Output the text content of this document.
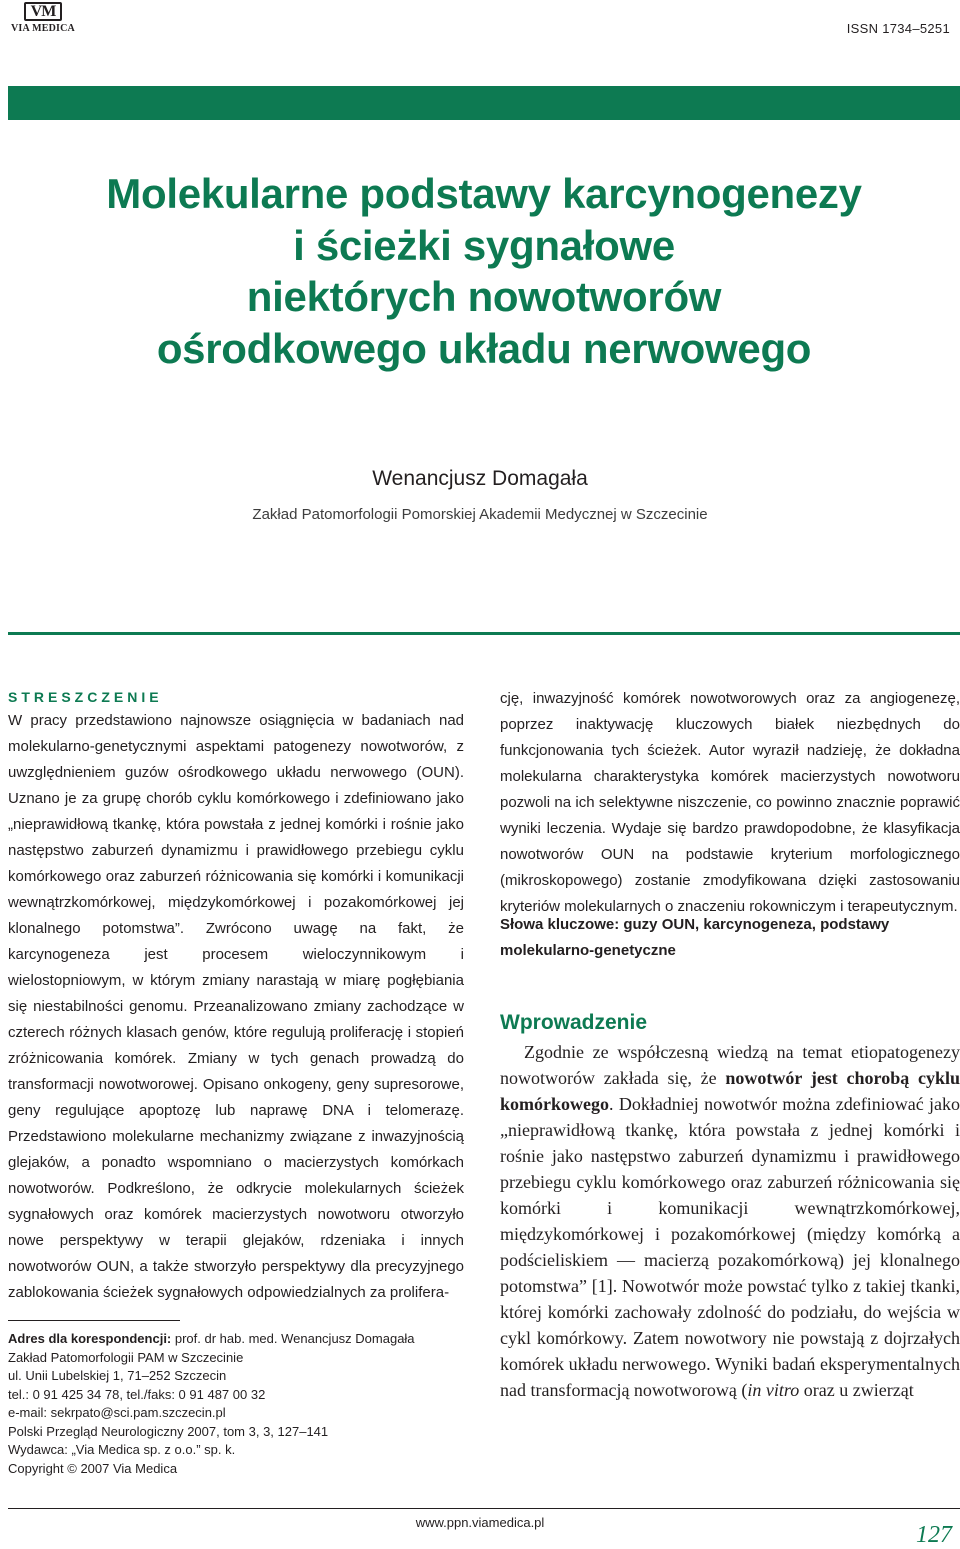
VM
VIA MEDICA	ISSN 1734–5251
Molekularne podstawy karcynogenezy
i ścieżki sygnałowe
niektórych nowotworów
ośrodkowego układu nerwowego
Wenancjusz Domagała
Zakład Patomorfologii Pomorskiej Akademii Medycznej w Szczecinie
STRESZCZENIE
W pracy przedstawiono najnowsze osiągnięcia w badaniach nad molekularno-genetycznymi aspektami patogenezy nowotworów, z uwzględnieniem guzów ośrodkowego układu nerwowego (OUN). Uznano je za grupę chorób cyklu komórkowego i zdefiniowano jako „nieprawidłową tkankę, która powstała z jednej komórki i rośnie jako następstwo zaburzeń dynamizmu i prawidłowego przebiegu cyklu komórkowego oraz zaburzeń różnicowania się komórki i komunikacji wewnątrzkomórkowej, międzykomórkowej i pozakomórkowej jej klonalnego potomstwa”. Zwrócono uwagę na fakt, że karcynogeneza jest procesem wieloczynnikowym i wielostopniowym, w którym zmiany narastają w miarę pogłębiania się niestabilności genomu. Przeanalizowano zmiany zachodzące w czterech różnych klasach genów, które regulują proliferację i stopień zróżnicowania komórek. Zmiany w tych genach prowadzą do transformacji nowotworowej. Opisano onkogeny, geny supresorowe, geny regulujące apoptozę lub naprawę DNA i telomerazę. Przedstawiono molekularne mechanizmy związane z inwazyjnością glejaków, a ponadto wspomniano o macierzystych komórkach nowotworów. Podkreślono, że odkrycie molekularnych ścieżek sygnałowych oraz komórek macierzystych nowotworu otworzyło nowe perspektywy w terapii glejaków, rdzeniaka i innych nowotworów OUN, a także stworzyło perspektywy dla precyzyjnego zablokowania ścieżek sygnałowych odpowiedzialnych za prolifera-
cję, inwazyjność komórek nowotworowych oraz za angiogenezę, poprzez inaktywację kluczowych białek niezbędnych do funkcjonowania tych ścieżek. Autor wyraził nadzieję, że dokładna molekularna charakterystyka komórek macierzystych nowotworu pozwoli na ich selektywne niszczenie, co powinno znacznie poprawić wyniki leczenia. Wydaje się bardzo prawdopodobne, że klasyfikacja nowotworów OUN na podstawie kryterium morfologicznego (mikroskopowego) zostanie zmodyfikowana dzięki zastosowaniu kryteriów molekularnych o znaczeniu rokowniczym i terapeutycznym.
Słowa kluczowe: guzy OUN, karcynogeneza, podstawy molekularno-genetyczne
Adres dla korespondencji: prof. dr hab. med. Wenancjusz Domagała
Zakład Patomorfologii PAM w Szczecinie
ul. Unii Lubelskiej 1, 71–252 Szczecin
tel.: 0 91 425 34 78, tel./faks: 0 91 487 00 32
e-mail: sekrpato@sci.pam.szczecin.pl
Polski Przegląd Neurologiczny 2007, tom 3, 3, 127–141
Wydawca: „Via Medica sp. z o.o.” sp. k.
Copyright © 2007 Via Medica
Wprowadzenie
Zgodnie ze współczesną wiedzą na temat etiopatogenezy nowotworów zakłada się, że nowotwór jest chorobą cyklu komórkowego. Dokładniej nowotwór można zdefiniować jako „nieprawidłową tkankę, która powstała z jednej komórki i rośnie jako następstwo zaburzeń dynamizmu i prawidłowego przebiegu cyklu komórkowego oraz zaburzeń różnicowania się komórki i komunikacji wewnątrzkomórkowej, międzykomórkowej i pozakomórkowej (między komórką a podścieliskiem — macierzą pozakomórkową) jej klonalnego potomstwa” [1]. Nowotwór może powstać tylko z takiej tkanki, której komórki zachowały zdolność do podziału, do wejścia w cykl komórkowy. Zatem nowotwory nie powstają z dojrzałych komórek układu nerwowego. Wyniki badań eksperymentalnych nad transformacją nowotworową (in vitro oraz u zwierząt
www.ppn.viamedica.pl	127
